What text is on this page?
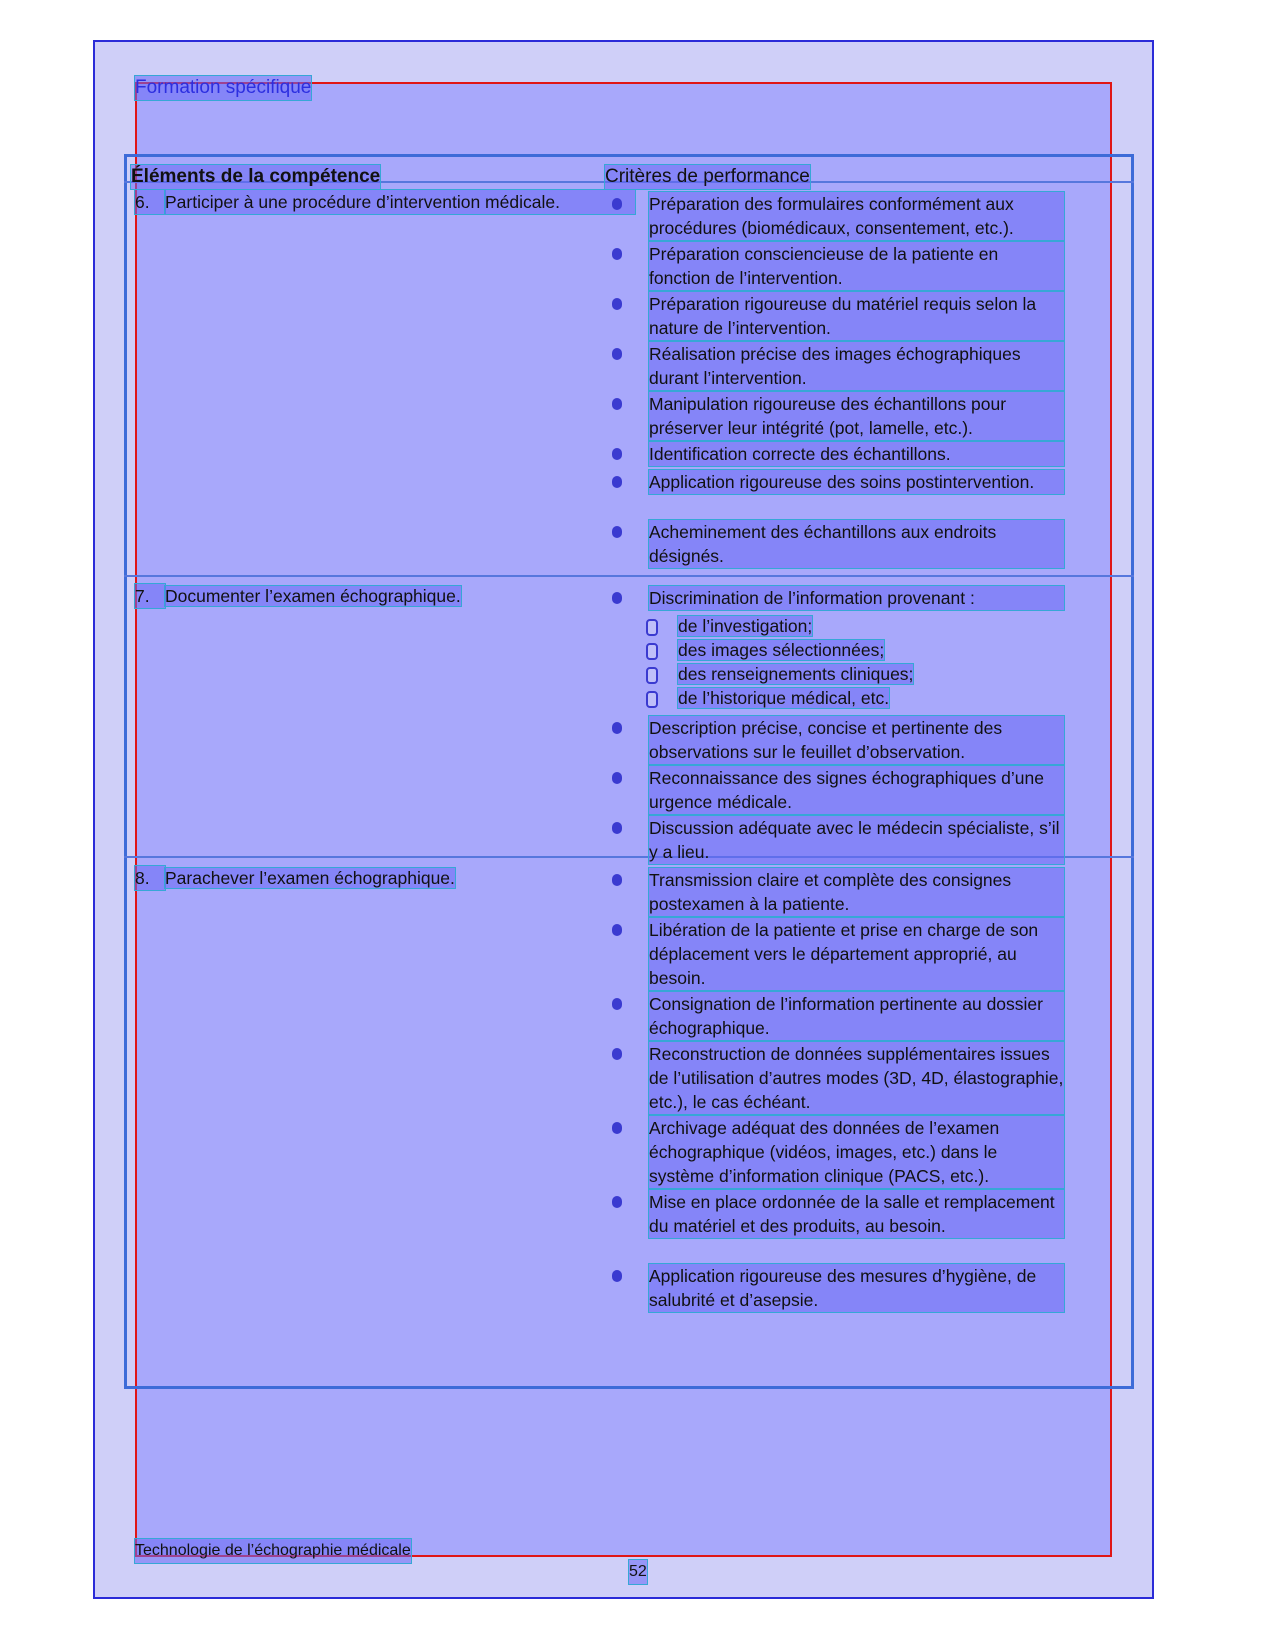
Formation spécifique
Éléments de la compétence	Critères de performance
6. Participer à une procédure d’intervention médicale.	Préparation des formulaires conformément aux procédures (biomédicaux, consentement, etc.).
Préparation consciencieuse de la patiente en fonction de l’intervention.
Préparation rigoureuse du matériel requis selon la nature de l’intervention.
Réalisation précise des images échographiques durant l’intervention.
Manipulation rigoureuse des échantillons pour préserver leur intégrité (pot, lamelle, etc.).
Identification correcte des échantillons.
Application rigoureuse des soins postintervention.
Acheminement des échantillons aux endroits désignés.
7. Documenter l’examen échographique.	Discrimination de l’information provenant :
de l’investigation;
des images sélectionnées;
des renseignements cliniques;
de l’historique médical, etc.
Description précise, concise et pertinente des observations sur le feuillet d’observation.
Reconnaissance des signes échographiques d’une urgence médicale.
Discussion adéquate avec le médecin spécialiste, s’il y a lieu.
8. Parachever l’examen échographique.	Transmission claire et complète des consignes postexamen à la patiente.
Libération de la patiente et prise en charge de son déplacement vers le département approprié, au besoin.
Consignation de l’information pertinente au dossier échographique.
Reconstruction de données supplémentaires issues de l’utilisation d’autres modes (3D, 4D, élastographie, etc.), le cas échéant.
Archivage adéquat des données de l’examen échographique (vidéos, images, etc.) dans le système d’information clinique (PACS, etc.).
Mise en place ordonnée de la salle et remplacement du matériel et des produits, au besoin.
Application rigoureuse des mesures d’hygiène, de salubrité et d’asepsie.
Technologie de l’échographie médicale
52
